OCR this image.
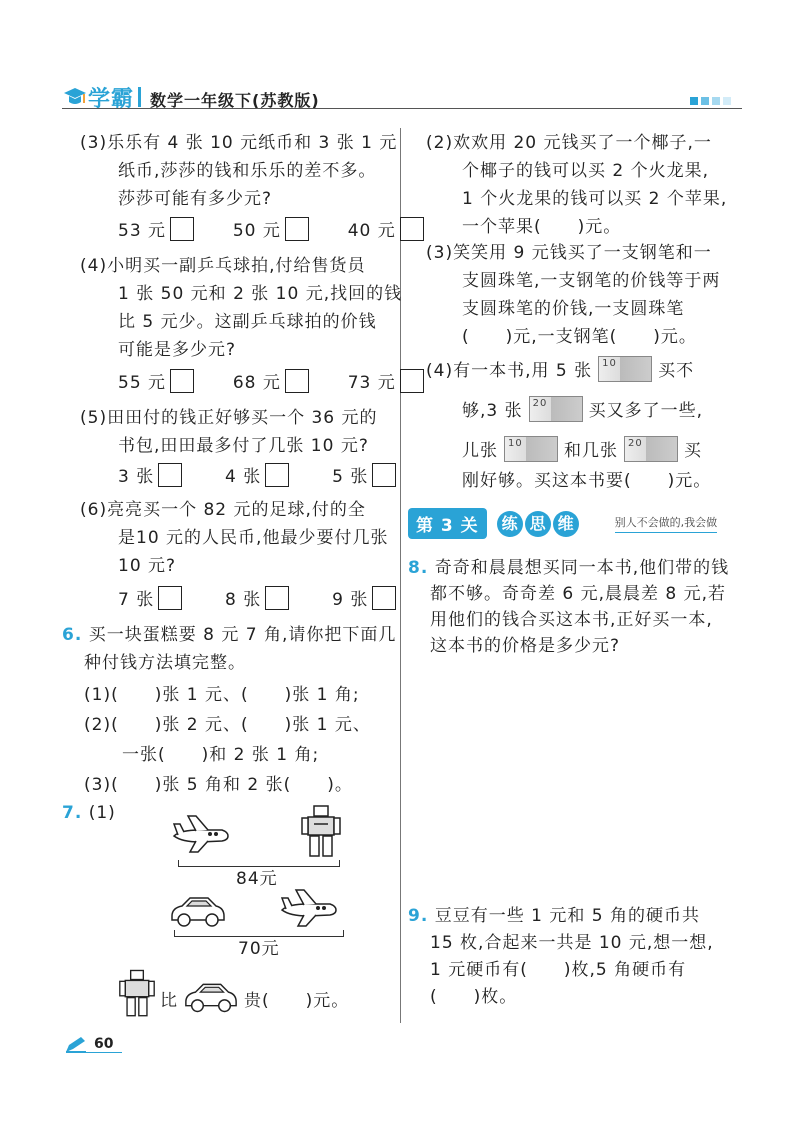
学霸 数学一年级下(苏教版)
(3)乐乐有 4 张 10 元纸币和 3 张 1 元
纸币,莎莎的钱和乐乐的差不多。
莎莎可能有多少元?
53 元	50 元	40 元
(4)小明买一副乒乓球拍,付给售货员
1 张 50 元和 2 张 10 元,找回的钱
比 5 元少。这副乒乓球拍的价钱
可能是多少元?
55 元	68 元	73 元
(5)田田付的钱正好够买一个 36 元的
书包,田田最多付了几张 10 元?
3 张	4 张	5 张
(6)亮亮买一个 82 元的足球,付的全
是10 元的人民币,他最少要付几张
10 元?
7 张	8 张	9 张
6. 买一块蛋糕要 8 元 7 角,请你把下面几
种付钱方法填完整。
(1)(　　)张 1 元、(　　)张 1 角;
(2)(　　)张 2 元、(　　)张 1 元、
一张(　　)和 2 张 1 角;
(3)(　　)张 5 角和 2 张(　　)。
7. (1)
84元
70元
比	贵(　　)元。
60
(2)欢欢用 20 元钱买了一个椰子,一
个椰子的钱可以买 2 个火龙果,
1 个火龙果的钱可以买 2 个苹果,
一个苹果(　　)元。
(3)笑笑用 9 元钱买了一支钢笔和一
支圆珠笔,一支钢笔的价钱等于两
支圆珠笔的价钱,一支圆珠笔
(　　)元,一支钢笔(　　)元。
(4)有一本书,用 5 张 10 买不
够,3 张 20 买又多了一些,
儿张 10 和几张 20 买
刚好够。买这本书要(　　)元。
第 3 关	练 思 维	别人不会做的,我会做
8. 奇奇和晨晨想买同一本书,他们带的钱
都不够。奇奇差 6 元,晨晨差 8 元,若
用他们的钱合买这本书,正好买一本,
这本书的价格是多少元?
9. 豆豆有一些 1 元和 5 角的硬币共
15 枚,合起来一共是 10 元,想一想,
1 元硬币有(　　)枚,5 角硬币有
(　　)枚。
